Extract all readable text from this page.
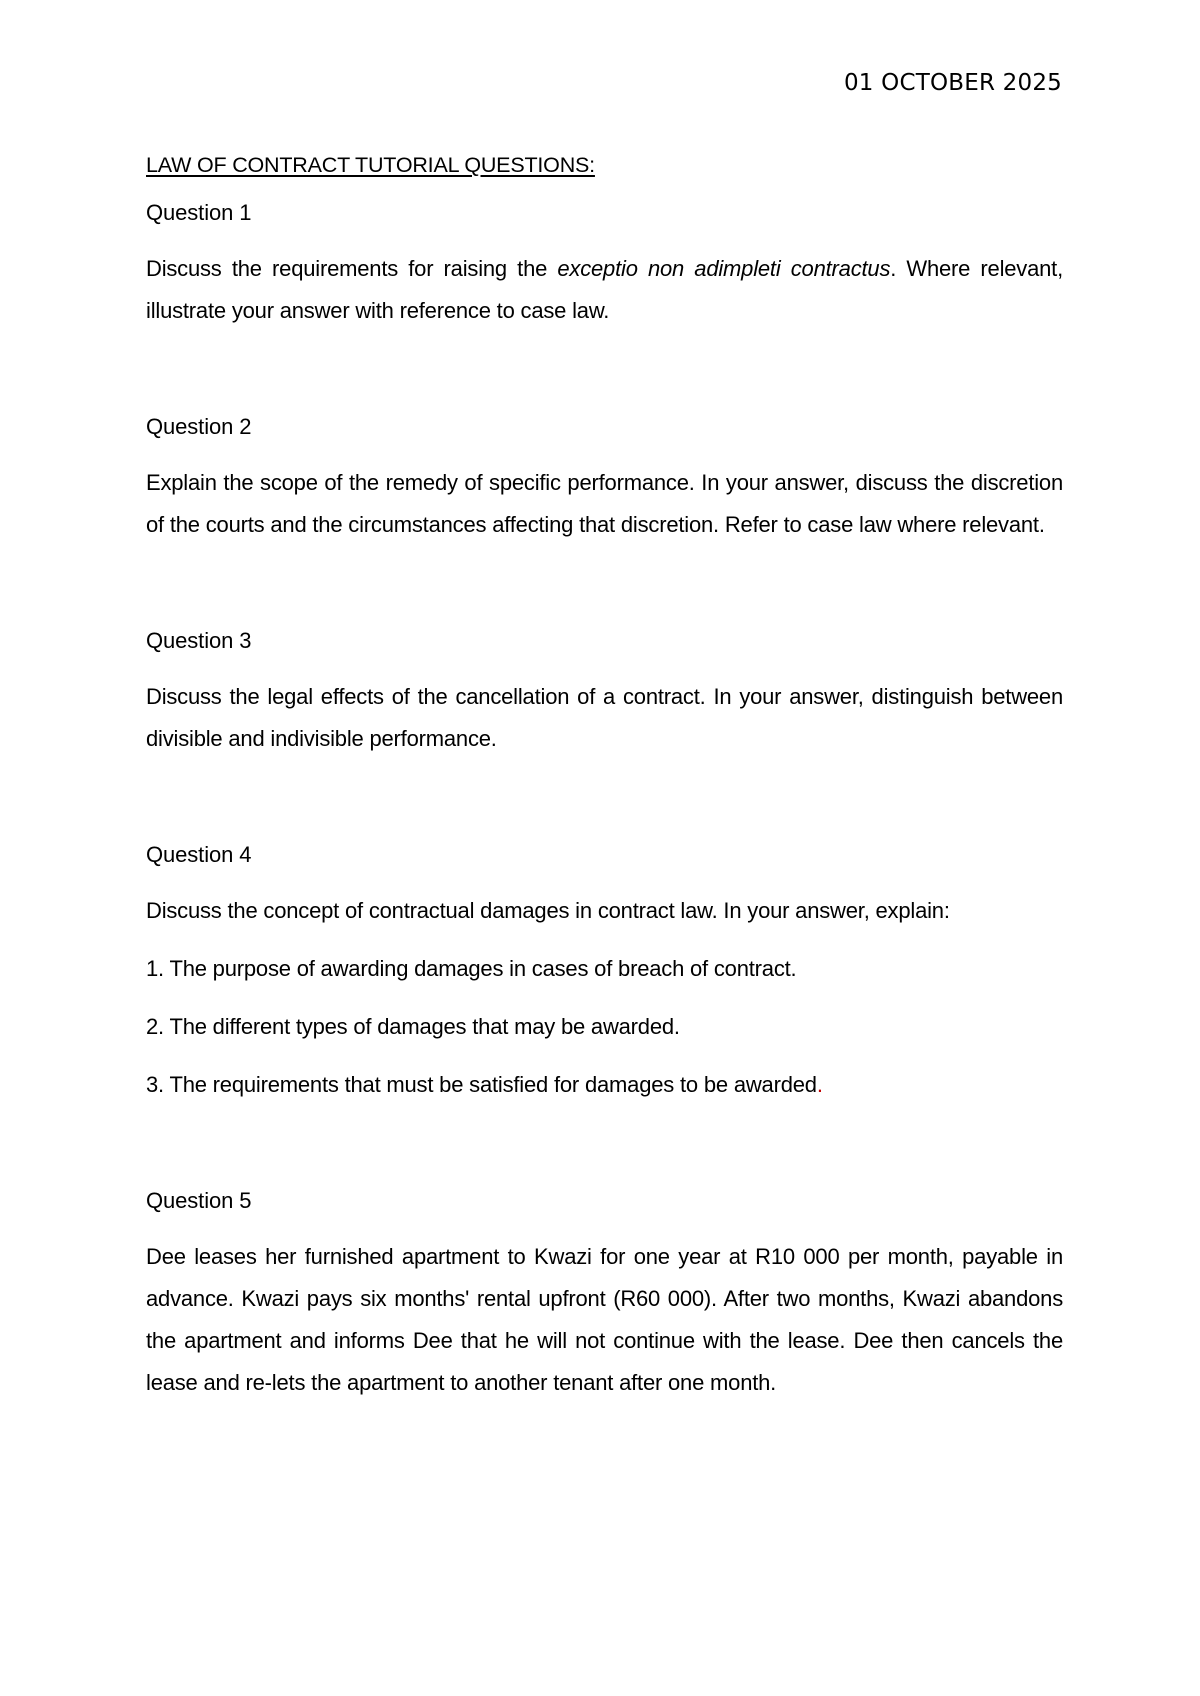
01 OCTOBER 2025
LAW OF CONTRACT TUTORIAL QUESTIONS:
Question 1

Discuss the requirements for raising the exceptio non adimpleti contractus. Where relevant, illustrate your answer with reference to case law.

Question 2

Explain the scope of the remedy of specific performance. In your answer, discuss the discretion of the courts and the circumstances affecting that discretion. Refer to case law where relevant.

Question 3

Discuss the legal effects of the cancellation of a contract. In your answer, distinguish between divisible and indivisible performance.

Question 4

Discuss the concept of contractual damages in contract law. In your answer, explain:

1. The purpose of awarding damages in cases of breach of contract.
2. The different types of damages that may be awarded.
3. The requirements that must be satisfied for damages to be awarded.
Question 5

Dee leases her furnished apartment to Kwazi for one year at R10 000 per month, payable in advance. Kwazi pays six months' rental upfront (R60 000). After two months, Kwazi abandons the apartment and informs Dee that he will not continue with the lease. Dee then cancels the lease and re-lets the apartment to another tenant after one month.
